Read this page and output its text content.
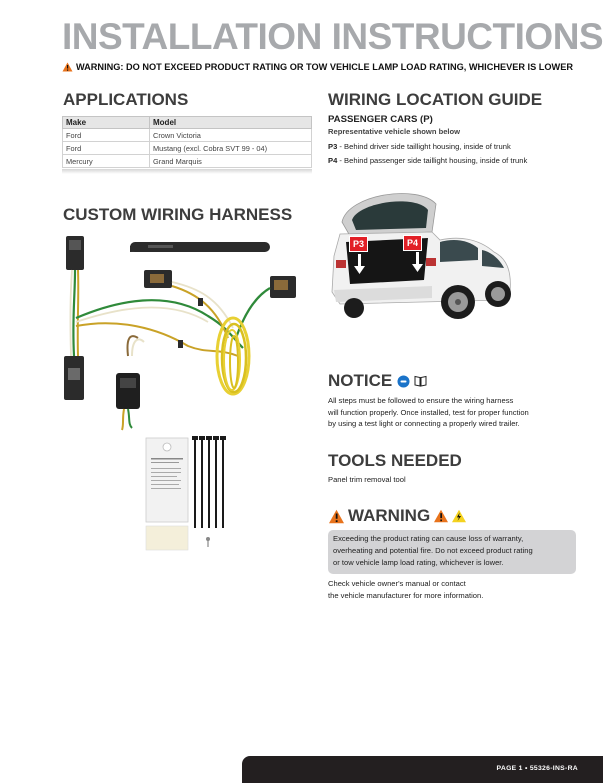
INSTALLATION INSTRUCTIONS
WARNING: DO NOT EXCEED PRODUCT RATING OR TOW VEHICLE LAMP LOAD RATING, WHICHEVER IS LOWER
APPLICATIONS
Make	Model
Ford	Crown Victoria
Ford	Mustang (excl. Cobra SVT 99 - 04)
Mercury	Grand Marquis
CUSTOM WIRING HARNESS
WIRING LOCATION GUIDE
PASSENGER CARS (P)
Representative vehicle shown below
P3 - Behind driver side taillight housing, inside of trunk
P4 - Behind passenger side taillight housing, inside of trunk
P3	P4
NOTICE
All steps must be followed to ensure the wiring harness
will function properly. Once installed, test for proper function
by using a test light or connecting a properly wired trailer.
TOOLS NEEDED
Panel trim removal tool
WARNING
Exceeding the product rating can cause loss of warranty,
overheating and potential fire. Do not exceed product rating
or tow vehicle lamp load rating, whichever is lower.
Check vehicle owner's manual or contact
the vehicle manufacturer for more information.
PAGE 1 • 55326-INS-RA
